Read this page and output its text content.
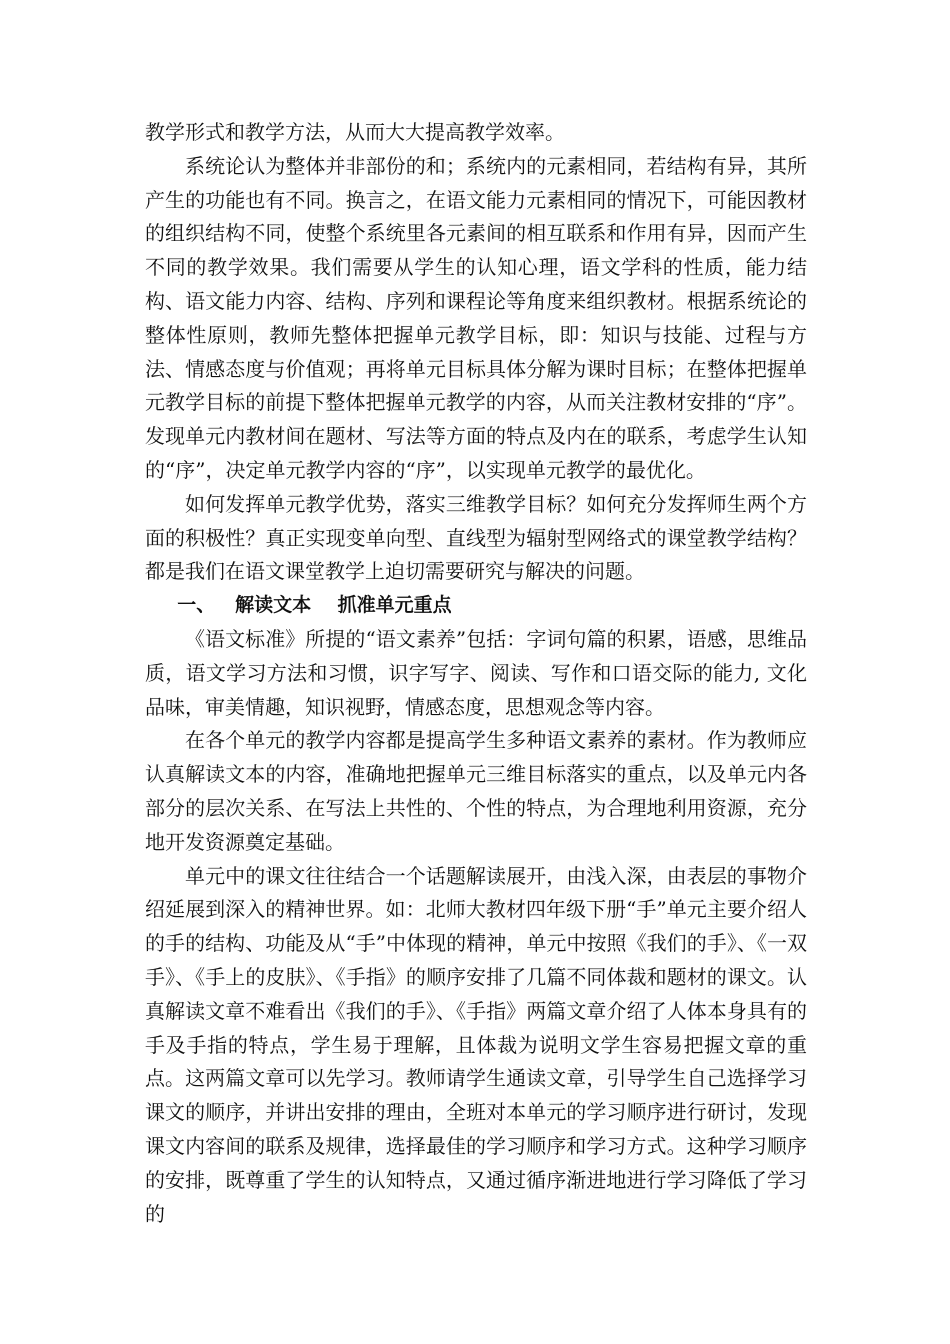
教学形式和教学方法，从而大大提高教学效率。

系统论认为整体并非部份的和；系统内的元素相同，若结构有异，其所产生的功能也有不同。换言之，在语文能力元素相同的情况下，可能因教材的组织结构不同，使整个系统里各元素间的相互联系和作用有异，因而产生不同的教学效果。我们需要从学生的认知心理，语文学科的性质，能力结构、语文能力内容、结构、序列和课程论等角度来组织教材。根据系统论的整体性原则，教师先整体把握单元教学目标，即：知识与技能、过程与方法、情感态度与价值观；再将单元目标具体分解为课时目标；在整体把握单元教学目标的前提下整体把握单元教学的内容，从而关注教材安排的“序”。发现单元内教材间在题材、写法等方面的特点及内在的联系，考虑学生认知的“序”，决定单元教学内容的“序”，以实现单元教学的最优化。

如何发挥单元教学优势，落实三维教学目标？如何充分发挥师生两个方面的积极性？真正实现变单向型、直线型为辐射型网络式的课堂教学结构？都是我们在语文课堂教学上迫切需要研究与解决的问题。

一、   解读文本    抓准单元重点

《语文标准》所提的“语文素养”包括：字词句篇的积累，语感，思维品质，语文学习方法和习惯，识字写字、阅读、写作和口语交际的能力, 文化品味，审美情趣，知识视野，情感态度，思想观念等内容。

在各个单元的教学内容都是提高学生多种语文素养的素材。作为教师应认真解读文本的内容，准确地把握单元三维目标落实的重点，以及单元内各部分的层次关系、在写法上共性的、个性的特点，为合理地利用资源，充分地开发资源奠定基础。

单元中的课文往往结合一个话题解读展开，由浅入深，由表层的事物介绍延展到深入的精神世界。如：北师大教材四年级下册“手”单元主要介绍人的手的结构、功能及从“手”中体现的精神，单元中按照《我们的手》、《一双手》、《手上的皮肤》、《手指》的顺序安排了几篇不同体裁和题材的课文。认真解读文章不难看出《我们的手》、《手指》两篇文章介绍了人体本身具有的手及手指的特点，学生易于理解，且体裁为说明文学生容易把握文章的重点。这两篇文章可以先学习。教师请学生通读文章，引导学生自己选择学习课文的顺序，并讲出安排的理由，全班对本单元的学习顺序进行研讨，发现课文内容间的联系及规律，选择最佳的学习顺序和学习方式。这种学习顺序的安排，既尊重了学生的认知特点，又通过循序渐进地进行学习降低了学习的
